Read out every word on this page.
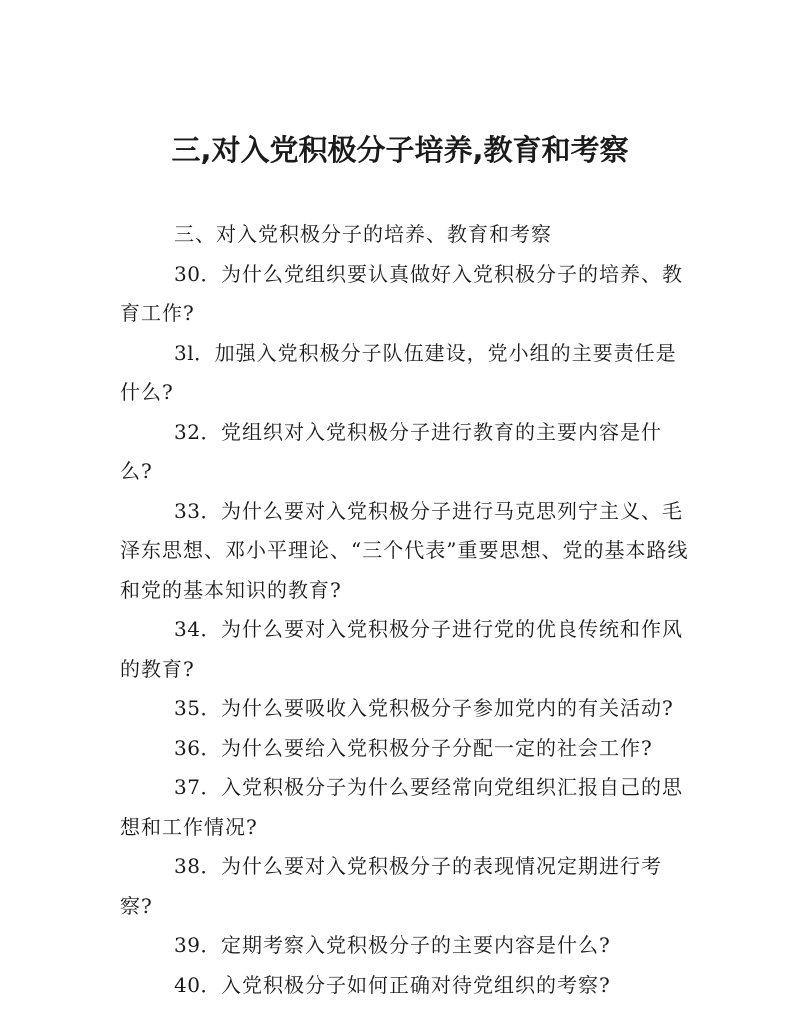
三,对入党积极分子培养,教育和考察

三、对入党积极分子的培养、教育和考察

30．为什么党组织要认真做好入党积极分子的培养、教育工作?

3l．加强入党积极分子队伍建设，党小组的主要责任是什么?

32．党组织对入党积极分子进行教育的主要内容是什么?

33．为什么要对入党积极分子进行马克思列宁主义、毛泽东思想、邓小平理论、“三个代表”重要思想、党的基本路线和党的基本知识的教育?

34．为什么要对入党积极分子进行党的优良传统和作风的教育?

35．为什么要吸收入党积极分子参加党内的有关活动?

36．为什么要给入党积极分子分配一定的社会工作?

37．入党积极分子为什么要经常向党组织汇报自己的思想和工作情况?

38．为什么要对入党积极分子的表现情况定期进行考察?

39．定期考察入党积极分子的主要内容是什么?

40．入党积极分子如何正确对待党组织的考察?
